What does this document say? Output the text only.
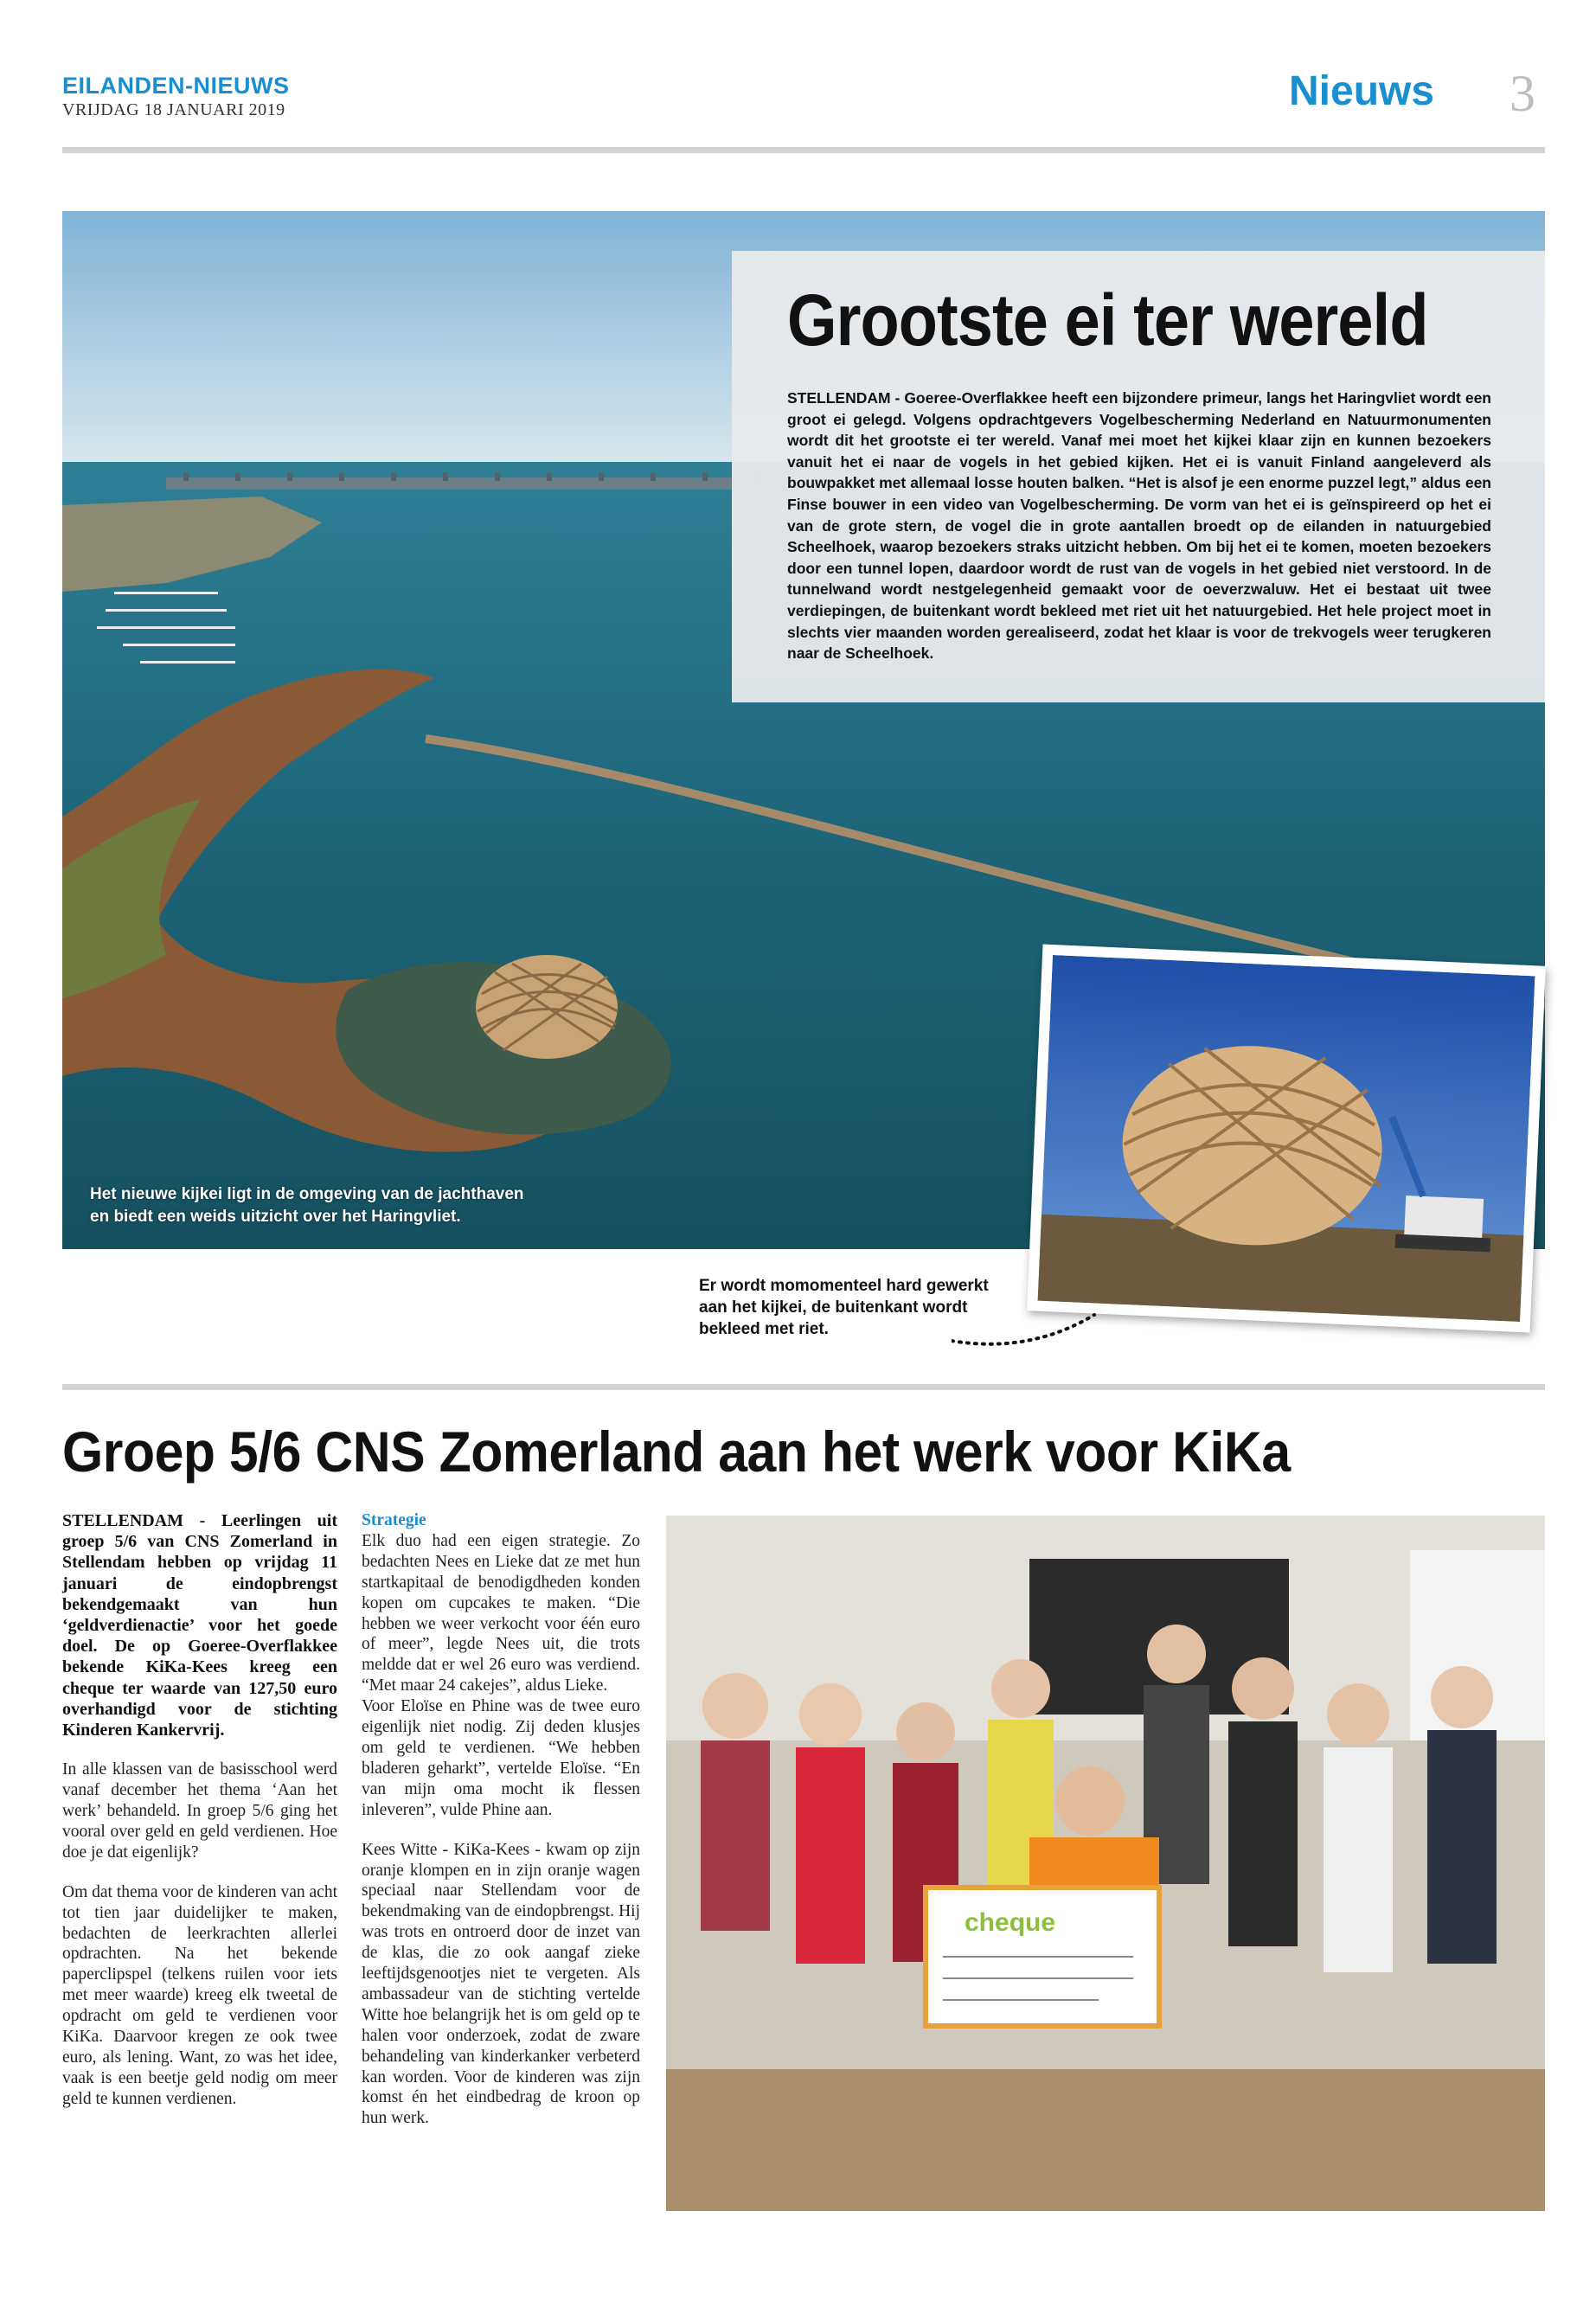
EILANDEN-NIEUWS
VRIJDAG 18 JANUARI 2019	Nieuws 3
Het nieuwe kijkei ligt in de omgeving van de jachthaven
en biedt een weids uitzicht over het Haringvliet.
Grootste ei ter wereld
STELLENDAM - Goeree-Overflakkee heeft een bijzondere primeur, langs het Haringvliet wordt een groot ei gelegd. Volgens opdrachtgevers Vogelbescherming Nederland en Natuurmonumenten wordt dit het grootste ei ter wereld. Vanaf mei moet het kijkei klaar zijn en kunnen bezoekers vanuit het ei naar de vogels in het gebied kijken. Het ei is vanuit Finland aangeleverd als bouwpakket met allemaal losse houten balken. “Het is alsof je een enorme puzzel legt,” aldus een Finse bouwer in een video van Vogelbescherming. De vorm van het ei is geïnspireerd op het ei van de grote stern, de vogel die in grote aantallen broedt op de eilanden in natuurgebied Scheelhoek, waarop bezoekers straks uitzicht hebben. Om bij het ei te komen, moeten bezoekers door een tunnel lopen, daardoor wordt de rust van de vogels in het gebied niet verstoord. In de tunnelwand wordt nestgelegenheid gemaakt voor de oeverzwaluw. Het ei bestaat uit twee verdiepingen, de buitenkant wordt bekleed met riet uit het natuurgebied. Het hele project moet in slechts vier maanden worden gerealiseerd, zodat het klaar is voor de trekvogels weer terugkeren naar de Scheelhoek.
Er wordt momomenteel hard gewerkt
aan het kijkei, de buitenkant wordt
bekleed met riet.
Groep 5/6 CNS Zomerland aan het werk voor KiKa

STELLENDAM - Leerlingen uit groep 5/6 van CNS Zomerland in Stellendam hebben op vrijdag 11 januari de eindopbrengst bekendgemaakt van hun ‘geldverdienactie’ voor het goede doel. De op Goeree-Overflakkee bekende KiKa-Kees kreeg een cheque ter waarde van 127,50 euro overhandigd voor de stichting Kinderen Kankervrij.

In alle klassen van de basisschool werd vanaf december het thema ‘Aan het werk’ behandeld. In groep 5/6 ging het vooral over geld en geld verdienen. Hoe doe je dat eigenlijk?

Om dat thema voor de kinderen van acht tot tien jaar duidelijker te maken, bedachten de leerkrachten allerlei opdrachten. Na het bekende paperclipspel (telkens ruilen voor iets met meer waarde) kreeg elk tweetal de opdracht om geld te verdienen voor KiKa. Daarvoor kregen ze ook twee euro, als lening. Want, zo was het idee, vaak is een beetje geld nodig om meer geld te kunnen verdienen.

Strategie

Elk duo had een eigen strategie. Zo bedachten Nees en Lieke dat ze met hun startkapitaal de benodigdheden konden kopen om cupcakes te maken. “Die hebben we weer verkocht voor één euro of meer”, legde Nees uit, die trots meldde dat er wel 26 euro was verdiend. “Met maar 24 cakejes”, aldus Lieke.

Voor Eloïse en Phine was de twee euro eigenlijk niet nodig. Zij deden klusjes om geld te verdienen. “We hebben bladeren geharkt”, vertelde Eloïse. “En van mijn oma mocht ik flessen inleveren”, vulde Phine aan.

Kees Witte - KiKa-Kees - kwam op zijn oranje klompen en in zijn oranje wagen speciaal naar Stellendam voor de bekendmaking van de eindopbrengst. Hij was trots en ontroerd door de inzet van de klas, die zo ook aangaf zieke leeftijdsgenootjes niet te vergeten. Als ambassadeur van de stichting vertelde Witte hoe belangrijk het is om geld op te halen voor onderzoek, zodat de zware behandeling van kinderkanker verbeterd kan worden. Voor de kinderen was zijn komst én het eindbedrag de kroon op hun werk.

cheque
